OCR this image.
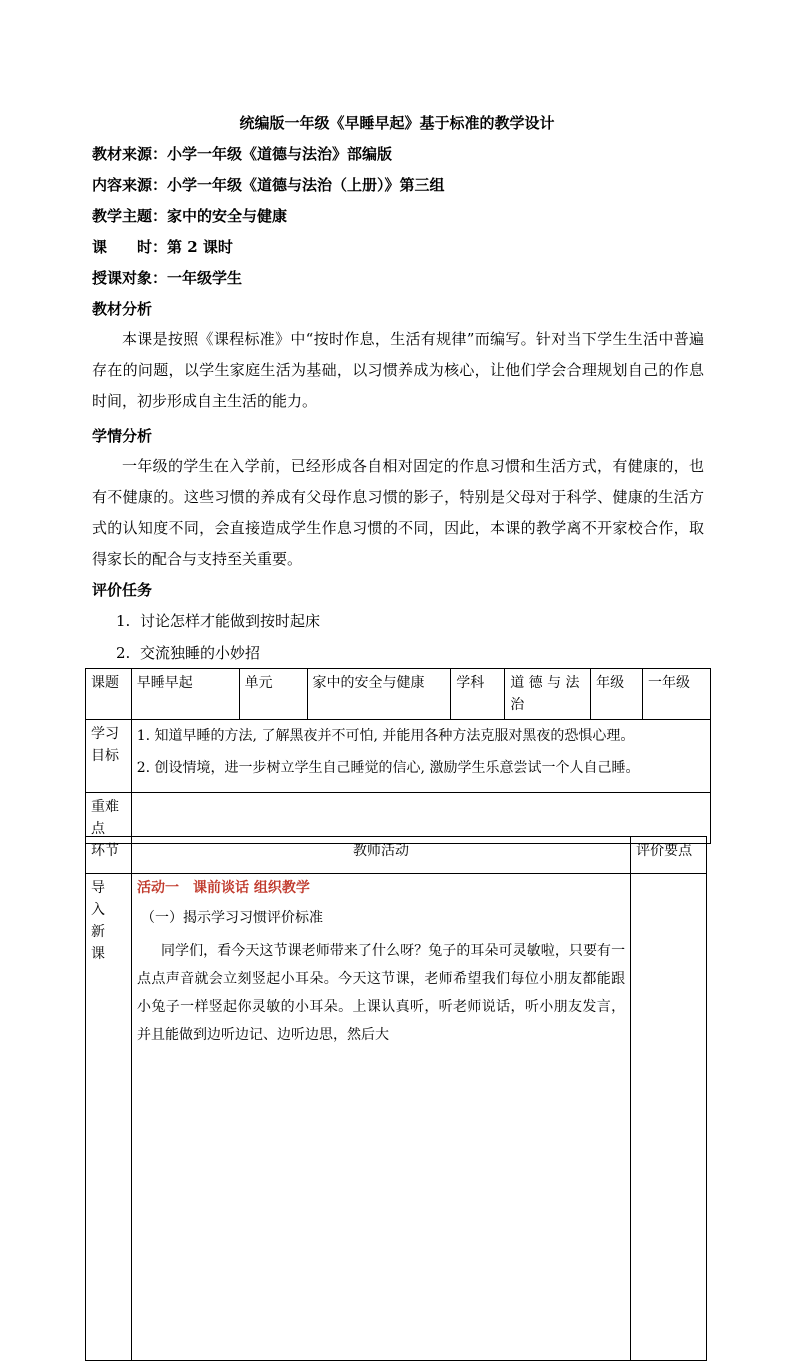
统编版一年级《早睡早起》基于标准的教学设计
教材来源：小学一年级《道德与法治》部编版
内容来源：小学一年级《道德与法治（上册）》第三组
教学主题：家中的安全与健康
课　　时：第 2 课时
授课对象：一年级学生
教材分析
本课是按照《课程标准》中“按时作息，生活有规律”而编写。针对当下学生生活中普遍存在的问题，以学生家庭生活为基础，以习惯养成为核心，让他们学会合理规划自己的作息时间，初步形成自主生活的能力。
学情分析
一年级的学生在入学前，已经形成各自相对固定的作息习惯和生活方式，有健康的，也有不健康的。这些习惯的养成有父母作息习惯的影子，特别是父母对于科学、健康的生活方式的认知度不同，会直接造成学生作息习惯的不同，因此，本课的教学离不开家校合作，取得家长的配合与支持至关重要。
评价任务
1. 讨论怎样才能做到按时起床
2. 交流独睡的小妙招
课题	早睡早起	单元	家中的安全与健康	学科	道 德 与 法 治	年级	一年级
学习目标	1. 知道早睡的方法, 了解黑夜并不可怕, 并能用各种方法克服对黑夜的恐惧心理。
2. 创设情境，进一步树立学生自己睡觉的信心, 激励学生乐意尝试一个人自己睡。						

重难点							
环节	教师活动	评价要点
导入新课	活动一　课前谈话 组织教学
（一）揭示学习习惯评价标准
同学们，看今天这节课老师带来了什么呀？兔子的耳朵可灵敏啦，只要有一点点声音就会立刻竖起小耳朵。今天这节课，老师希望我们每位小朋友都能跟小兔子一样竖起你灵敏的小耳朵。上课认真听，听老师说话，听小朋友发言，并且能做到边听边记、边听边思，然后大	
